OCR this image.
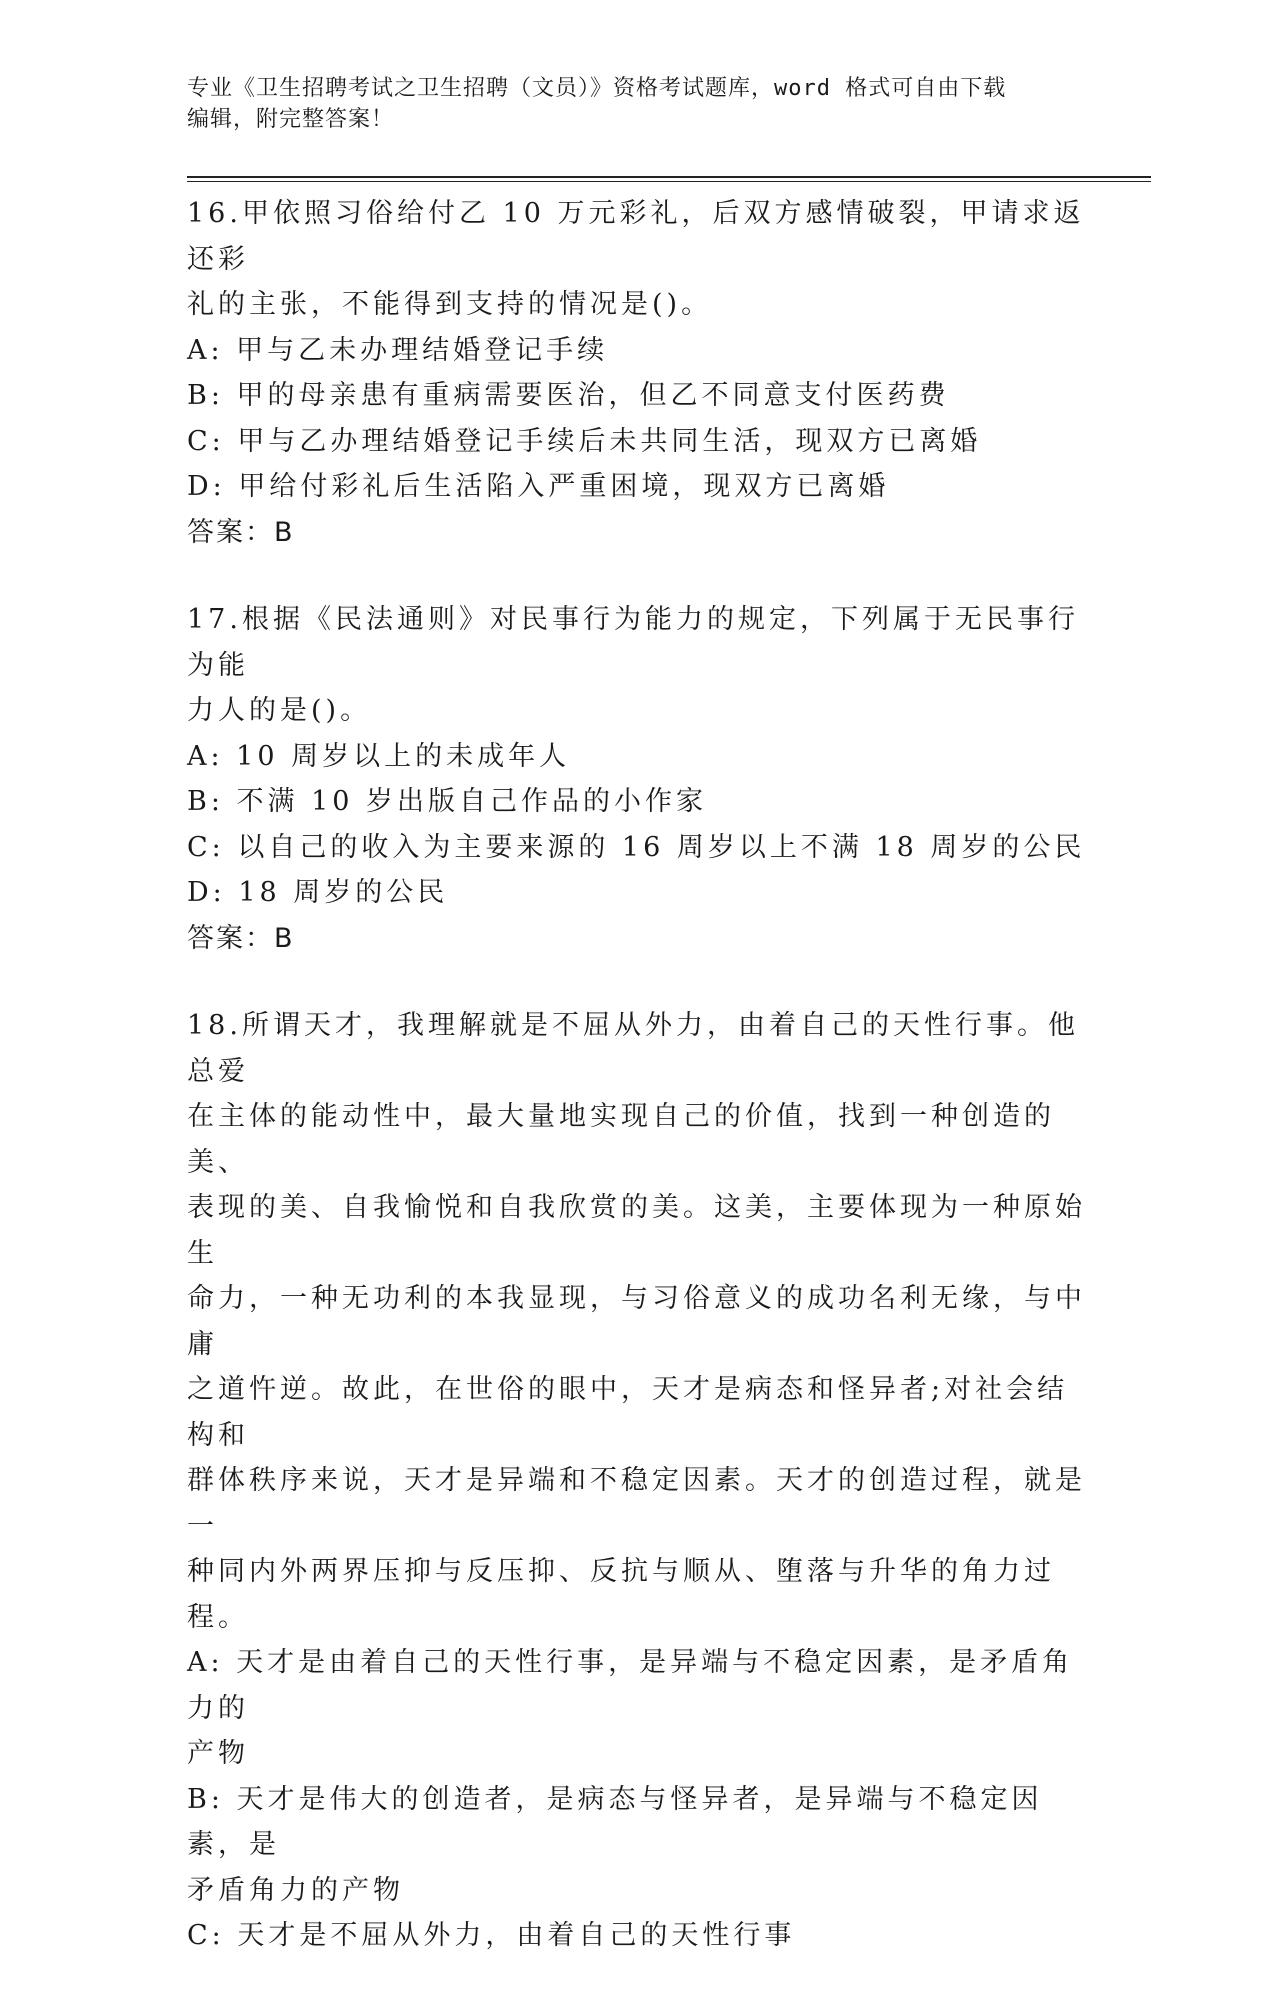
专业《卫生招聘考试之卫生招聘（文员）》资格考试题库，word 格式可自由下载
编辑，附完整答案！
16.甲依照习俗给付乙 10 万元彩礼，后双方感情破裂，甲请求返还彩
礼的主张，不能得到支持的情况是()。
A: 甲与乙未办理结婚登记手续
B: 甲的母亲患有重病需要医治，但乙不同意支付医药费
C: 甲与乙办理结婚登记手续后未共同生活，现双方已离婚
D: 甲给付彩礼后生活陷入严重困境，现双方已离婚
答案：B
17.根据《民法通则》对民事行为能力的规定，下列属于无民事行为能
力人的是()。
A: 10 周岁以上的未成年人
B: 不满 10 岁出版自己作品的小作家
C: 以自己的收入为主要来源的 16 周岁以上不满 18 周岁的公民
D: 18 周岁的公民
答案：B
18.所谓天才，我理解就是不屈从外力，由着自己的天性行事。他总爱
在主体的能动性中，最大量地实现自己的价值，找到一种创造的美、
表现的美、自我愉悦和自我欣赏的美。这美，主要体现为一种原始生
命力，一种无功利的本我显现，与习俗意义的成功名利无缘，与中庸
之道忤逆。故此，在世俗的眼中，天才是病态和怪异者;对社会结构和
群体秩序来说，天才是异端和不稳定因素。天才的创造过程，就是一
种同内外两界压抑与反压抑、反抗与顺从、堕落与升华的角力过程。
A: 天才是由着自己的天性行事，是异端与不稳定因素，是矛盾角力的
产物
B: 天才是伟大的创造者，是病态与怪异者，是异端与不稳定因素，是
矛盾角力的产物
C: 天才是不屈从外力，由着自己的天性行事
